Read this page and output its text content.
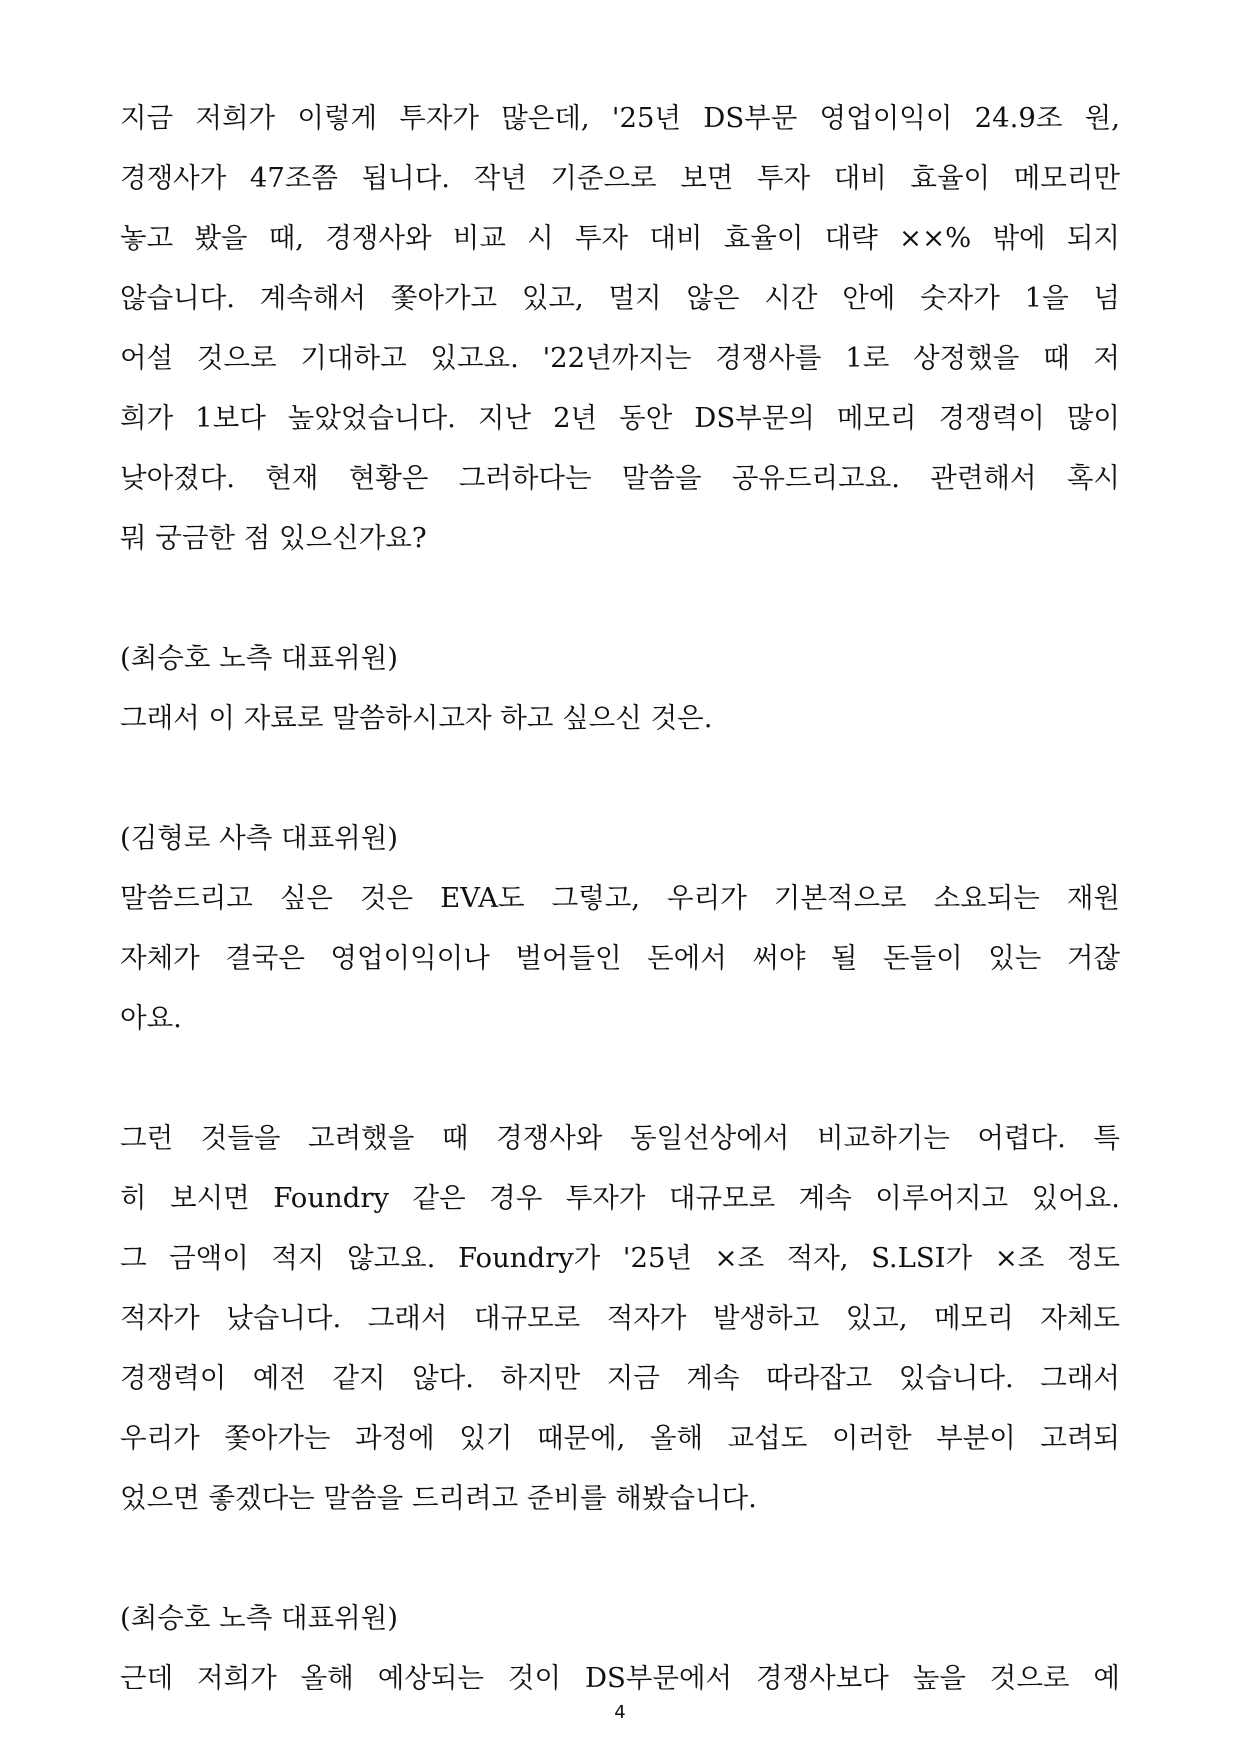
지금 저희가 이렇게 투자가 많은데, '25년 DS부문 영업이익이 24.9조 원,
경쟁사가 47조쯤 됩니다. 작년 기준으로 보면 투자 대비 효율이 메모리만
놓고 봤을 때, 경쟁사와 비교 시 투자 대비 효율이 대략 ××% 밖에 되지
않습니다. 계속해서 쫓아가고 있고, 멀지 않은 시간 안에 숫자가 1을 넘
어설 것으로 기대하고 있고요. '22년까지는 경쟁사를 1로 상정했을 때 저
희가 1보다 높았었습니다. 지난 2년 동안 DS부문의 메모리 경쟁력이 많이
낮아졌다. 현재 현황은 그러하다는 말씀을 공유드리고요. 관련해서 혹시
뭐 궁금한 점 있으신가요?
(최승호 노측 대표위원)
그래서 이 자료로 말씀하시고자 하고 싶으신 것은.
(김형로 사측 대표위원)
말씀드리고 싶은 것은 EVA도 그렇고, 우리가 기본적으로 소요되는 재원
자체가 결국은 영업이익이나 벌어들인 돈에서 써야 될 돈들이 있는 거잖
아요.
그런 것들을 고려했을 때 경쟁사와 동일선상에서 비교하기는 어렵다. 특
히 보시면 Foundry 같은 경우 투자가 대규모로 계속 이루어지고 있어요.
그 금액이 적지 않고요. Foundry가 '25년 ×조 적자, S.LSI가 ×조 정도
적자가 났습니다. 그래서 대규모로 적자가 발생하고 있고, 메모리 자체도
경쟁력이 예전 같지 않다. 하지만 지금 계속 따라잡고 있습니다. 그래서
우리가 쫓아가는 과정에 있기 때문에, 올해 교섭도 이러한 부분이 고려되
었으면 좋겠다는 말씀을 드리려고 준비를 해봤습니다.
(최승호 노측 대표위원)
근데 저희가 올해 예상되는 것이 DS부문에서 경쟁사보다 높을 것으로 예
4
